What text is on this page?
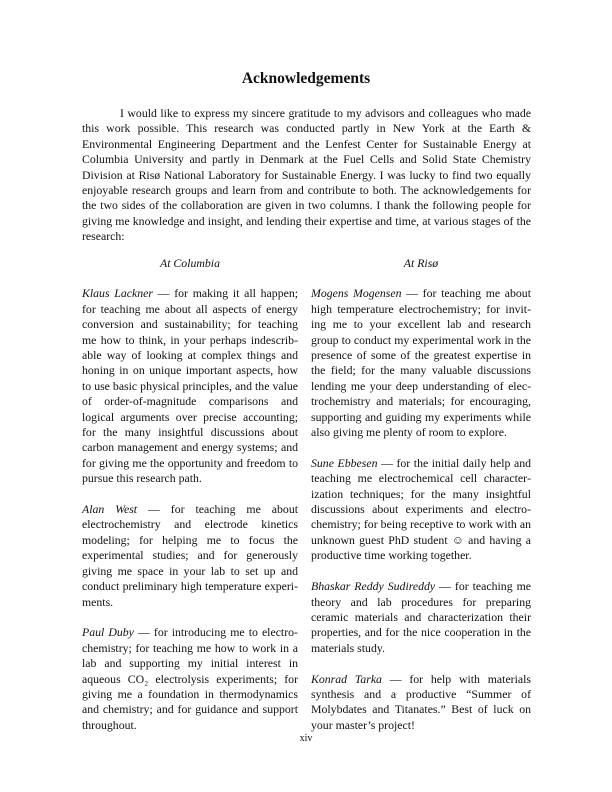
Acknowledgements

I would like to express my sincere gratitude to my advisors and colleagues who made this work possible. This research was conducted partly in New York at the Earth & Environmental Engineering Department and the Lenfest Center for Sustainable Energy at Columbia University and partly in Denmark at the Fuel Cells and Solid State Chemistry Division at Risø National Laboratory for Sustainable Energy. I was lucky to find two equally enjoyable research groups and learn from and contribute to both. The acknowledgements for the two sides of the collaboration are given in two columns. I thank the following people for giving me knowledge and insight, and lending their expertise and time, at various stages of the research:

At Columbia

Klaus Lackner — for making it all happen; for teaching me about all aspects of energy conversion and sustainability; for teaching me how to think, in your perhaps indescribable way of looking at complex things and honing in on unique important aspects, how to use basic physical principles, and the value of order-of-magnitude comparisons and logical arguments over precise accounting; for the many insightful discussions about carbon management and energy systems; and for giving me the opportunity and freedom to pursue this research path.

Alan West — for teaching me about electrochemistry and electrode kinetics modeling; for helping me to focus the experimental studies; and for generously giving me space in your lab to set up and conduct preliminary high temperature experiments.

Paul Duby — for introducing me to electrochemistry; for teaching me how to work in a lab and supporting my initial interest in aqueous CO₂ electrolysis experiments; for giving me a foundation in thermodynamics and chemistry; and for guidance and support throughout.

At Risø

Mogens Mogensen — for teaching me about high temperature electrochemistry; for inviting me to your excellent lab and research group to conduct my experimental work in the presence of some of the greatest expertise in the field; for the many valuable discussions lending me your deep understanding of electrochemistry and materials; for encouraging, supporting and guiding my experiments while also giving me plenty of room to explore.

Sune Ebbesen — for the initial daily help and teaching me electrochemical cell characterization techniques; for the many insightful discussions about experiments and electrochemistry; for being receptive to work with an unknown guest PhD student ☺ and having a productive time working together.

Bhaskar Reddy Sudireddy — for teaching me theory and lab procedures for preparing ceramic materials and characterization their properties, and for the nice cooperation in the materials study.

Konrad Tarka — for help with materials synthesis and a productive “Summer of Molybdates and Titanates.” Best of luck on your master’s project!

xiv
